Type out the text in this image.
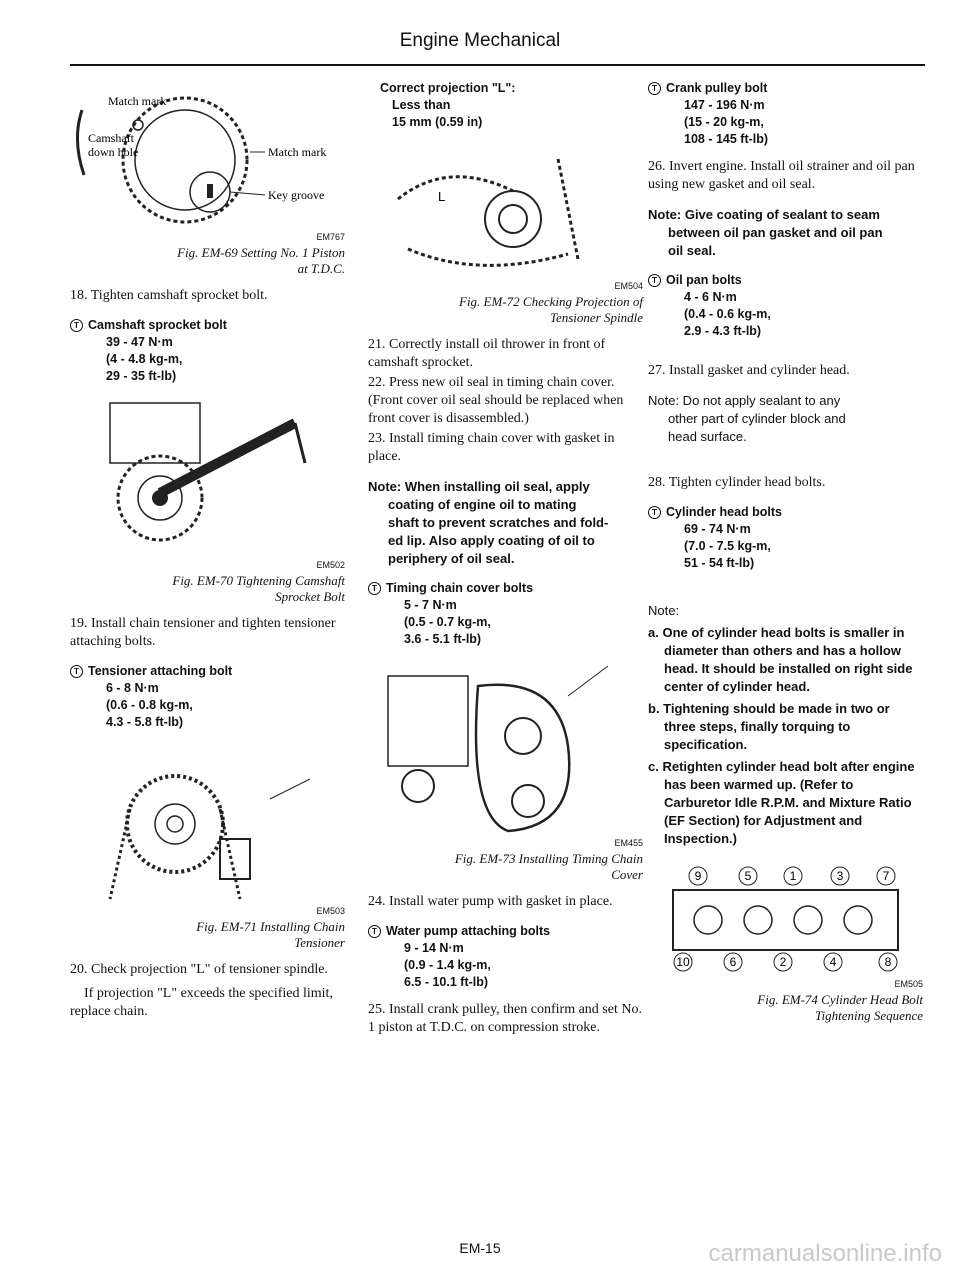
Engine Mechanical
Match mark
Camshaft
down hole	Match mark
Key groove
EM767
Fig. EM-69 Setting No. 1 Piston
at T.D.C.

18. Tighten camshaft sprocket bolt.

T Camshaft sprocket bolt
39 - 47 N·m
(4 - 4.8 kg-m,
29 - 35 ft-lb)
EM502
Fig. EM-70 Tightening Camshaft
Sprocket Bolt

19. Install chain tensioner and tighten tensioner attaching bolts.

T Tensioner attaching bolt
6 - 8 N·m
(0.6 - 0.8 kg-m,
4.3 - 5.8 ft-lb)
EM503
Fig. EM-71 Installing Chain
Tensioner

20. Check projection "L" of tensioner spindle.

If projection "L" exceeds the specified limit, replace chain.

Correct projection "L":
Less than
15 mm (0.59 in)
L
EM504
Fig. EM-72 Checking Projection of
Tensioner Spindle

21. Correctly install oil thrower in front of camshaft sprocket.

22. Press new oil seal in timing chain cover. (Front cover oil seal should be replaced when front cover is disassembled.)

23. Install timing chain cover with gasket in place.

Note: When installing oil seal, apply
coating of engine oil to mating
shaft to prevent scratches and fold-
ed lip. Also apply coating of oil to
periphery of oil seal.
T Timing chain cover bolts
5 - 7 N·m
(0.5 - 0.7 kg-m,
3.6 - 5.1 ft-lb)
EM455
Fig. EM-73 Installing Timing Chain
Cover

24. Install water pump with gasket in place.

T Water pump attaching bolts
9 - 14 N·m
(0.9 - 1.4 kg-m,
6.5 - 10.1 ft-lb)

25. Install crank pulley, then confirm and set No. 1 piston at T.D.C. on compression stroke.

T Crank pulley bolt
147 - 196 N·m
(15 - 20 kg-m,
108 - 145 ft-lb)

26. Invert engine. Install oil strainer and oil pan using new gasket and oil seal.

Note: Give coating of sealant to seam
between oil pan gasket and oil pan
oil seal.
T Oil pan bolts
4 - 6 N·m
(0.4 - 0.6 kg-m,
2.9 - 4.3 ft-lb)

27. Install gasket and cylinder head.

Note: Do not apply sealant to any
other part of cylinder block and
head surface.

28. Tighten cylinder head bolts.

T Cylinder head bolts
69 - 74 N·m
(7.0 - 7.5 kg-m,
51 - 54 ft-lb)
Note:
a. One of cylinder head bolts is smaller in diameter than others and has a hollow head. It should be installed on right side center of cylinder head.
b. Tightening should be made in two or three steps, finally torquing to specification.
c. Retighten cylinder head bolt after engine has been warmed up. (Refer to Carburetor Idle R.P.M. and Mixture Ratio (EF Section) for Adjustment and Inspection.)
9	5	1	3	7
10	6	2	4	8
EM505
Fig. EM-74 Cylinder Head Bolt
Tightening Sequence
EM-15	carmanualsonline.info
